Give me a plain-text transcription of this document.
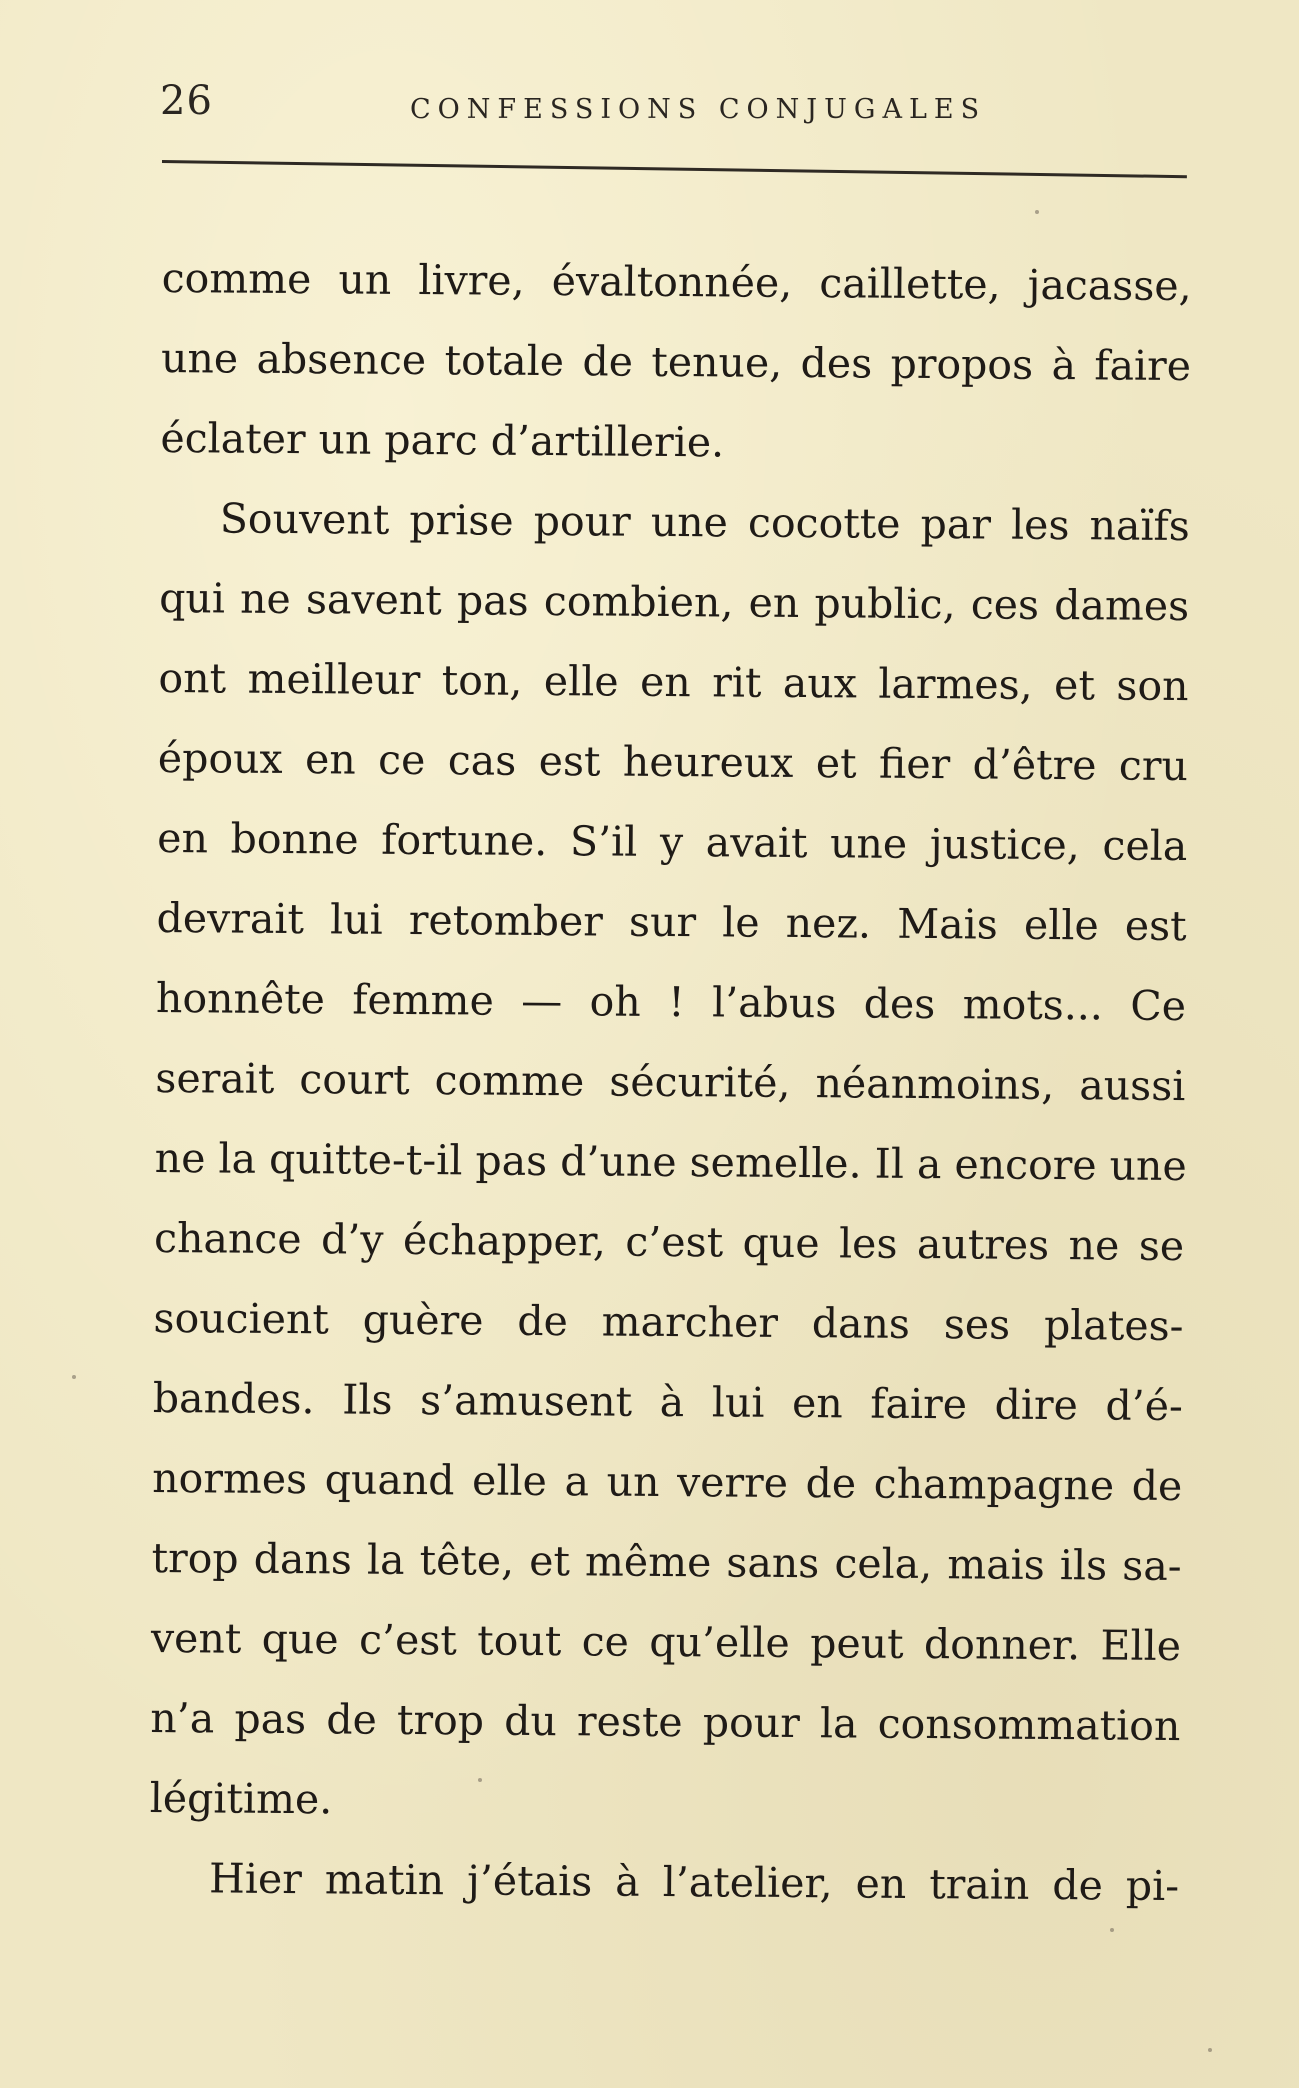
26	CONFESSIONS CONJUGALES
comme un livre, évaltonnée, caillette, jacasse,
une absence totale de tenue, des propos à faire
éclater un parc d’artillerie.
Souvent prise pour une cocotte par les naïfs
qui ne savent pas combien, en public, ces dames
ont meilleur ton, elle en rit aux larmes, et son
époux en ce cas est heureux et fier d’être cru
en bonne fortune. S’il y avait une justice, cela
devrait lui retomber sur le nez. Mais elle est
honnête femme — oh ! l’abus des mots... Ce
serait court comme sécurité, néanmoins, aussi
ne la quitte-t-il pas d’une semelle. Il a encore une
chance d’y échapper, c’est que les autres ne se
soucient guère de marcher dans ses plates-
bandes. Ils s’amusent à lui en faire dire d’é-
normes quand elle a un verre de champagne de
trop dans la tête, et même sans cela, mais ils sa-
vent que c’est tout ce qu’elle peut donner. Elle
n’a pas de trop du reste pour la consommation
légitime.
Hier matin j’étais à l’atelier, en train de pi-
